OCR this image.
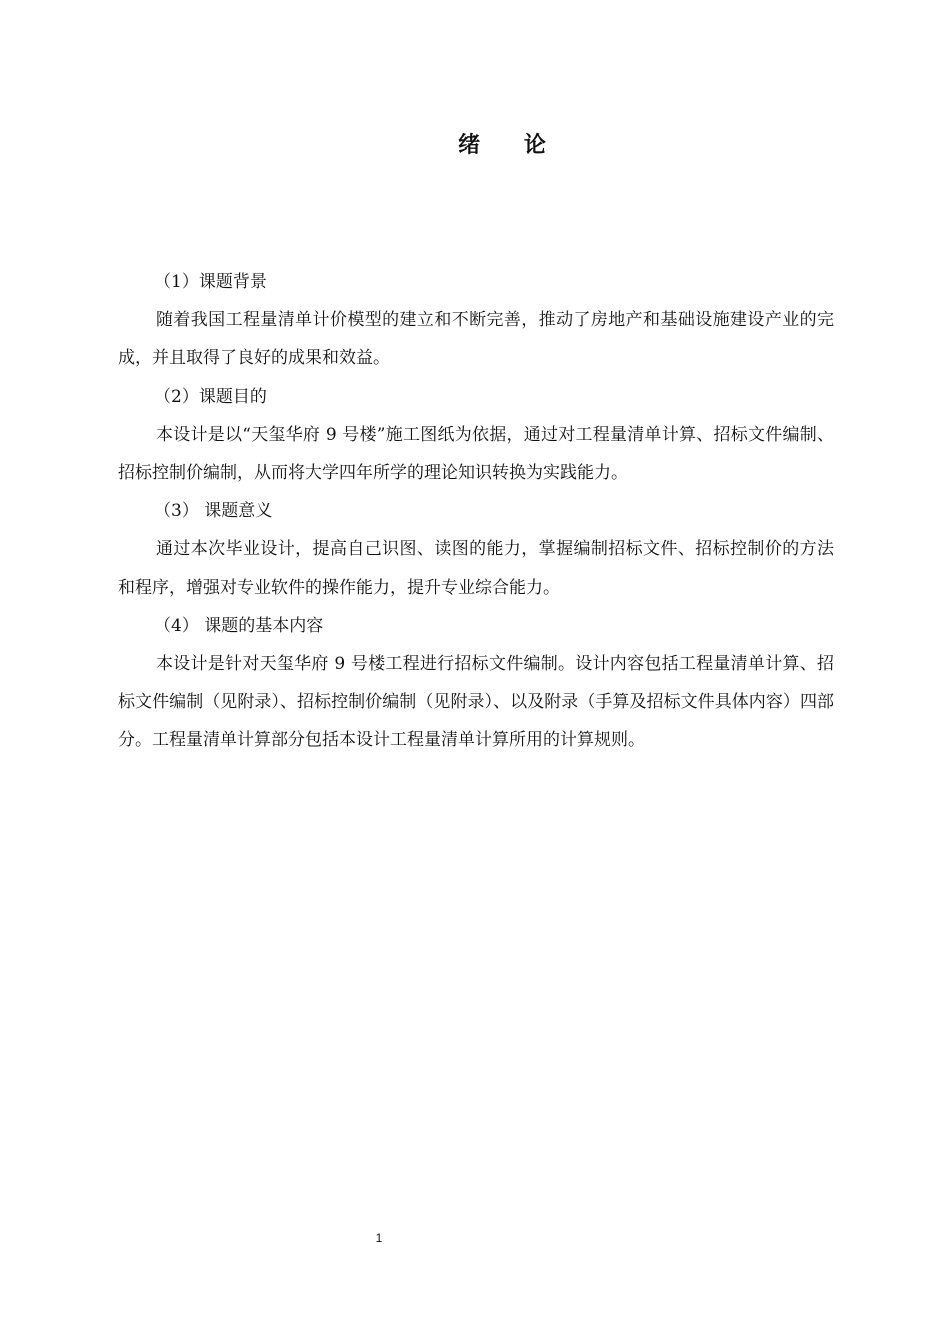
绪 论

（1）课题背景

随着我国工程量清单计价模型的建立和不断完善，推动了房地产和基础设施建设产业的完成，并且取得了良好的成果和效益。

（2）课题目的

本设计是以“天玺华府 9 号楼”施工图纸为依据，通过对工程量清单计算、招标文件编制、招标控制价编制，从而将大学四年所学的理论知识转换为实践能力。

（3） 课题意义

通过本次毕业设计，提高自己识图、读图的能力，掌握编制招标文件、招标控制价的方法和程序，增强对专业软件的操作能力，提升专业综合能力。

（4） 课题的基本内容

本设计是针对天玺华府 9 号楼工程进行招标文件编制。设计内容包括工程量清单计算、招标文件编制（见附录）、招标控制价编制（见附录）、以及附录（手算及招标文件具体内容）四部分。工程量清单计算部分包括本设计工程量清单计算所用的计算规则。

1
